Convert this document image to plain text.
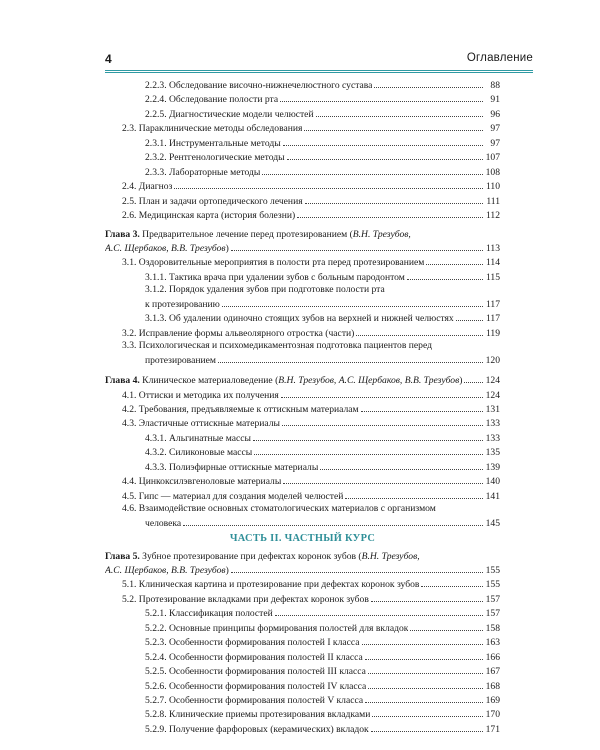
4	Оглавление
2.2.3. Обследование височно-нижнечелюстного сустава	88
2.2.4. Обследование полости рта	91
2.2.5. Диагностические модели челюстей	96
2.3. Параклинические методы обследования	97
2.3.1. Инструментальные методы	97
2.3.2. Рентгенологические методы	107
2.3.3. Лабораторные методы	108
2.4. Диагноз	110
2.5. План и задачи ортопедического лечения	111
2.6. Медицинская карта (история болезни)	112
Глава 3. Предварительное лечение перед протезированием (В.Н. Трезубов,
А.С. Щербаков, В.В. Трезубов)	113
3.1. Оздоровительные мероприятия в полости рта перед протезированием	114
3.1.1. Тактика врача при удалении зубов с больным пародонтом	115
3.1.2. Порядок удаления зубов при подготовке полости рта
к протезированию	117
3.1.3. Об удалении одиночно стоящих зубов на верхней и нижней челюстях	117
3.2. Исправление формы альвеолярного отростка (части)	119
3.3. Психологическая и психомедикаментозная подготовка пациентов перед
протезированием	120
Глава 4. Клиническое материаловедение (В.Н. Трезубов, А.С. Щербаков, В.В. Трезубов) 124
4.1. Оттиски и методика их получения	124
4.2. Требования, предъявляемые к оттискным материалам	131
4.3. Эластичные оттискные материалы	133
4.3.1. Альгинатные массы	133
4.3.2. Силиконовые массы	135
4.3.3. Полиэфирные оттискные материалы	139
4.4. Цинкоксилэвгеноловые материалы	140
4.5. Гипс — материал для создания моделей челюстей	141
4.6. Взаимодействие основных стоматологических материалов с организмом
человека	145
ЧАСТЬ II. ЧАСТНЫЙ КУРС
Глава 5. Зубное протезирование при дефектах коронок зубов (В.Н. Трезубов,
А.С. Щербаков, В.В. Трезубов)	155
5.1. Клиническая картина и протезирование при дефектах коронок зубов	155
5.2. Протезирование вкладками при дефектах коронок зубов	157
5.2.1. Классификация полостей	157
5.2.2. Основные принципы формирования полостей для вкладок	158
5.2.3. Особенности формирования полостей I класса	163
5.2.4. Особенности формирования полостей II класса	166
5.2.5. Особенности формирования полостей III класса	167
5.2.6. Особенности формирования полостей IV класса	168
5.2.7. Особенности формирования полостей V класса	169
5.2.8. Клинические приемы протезирования вкладками	170
5.2.9. Получение фарфоровых (керамических) вкладок	171
